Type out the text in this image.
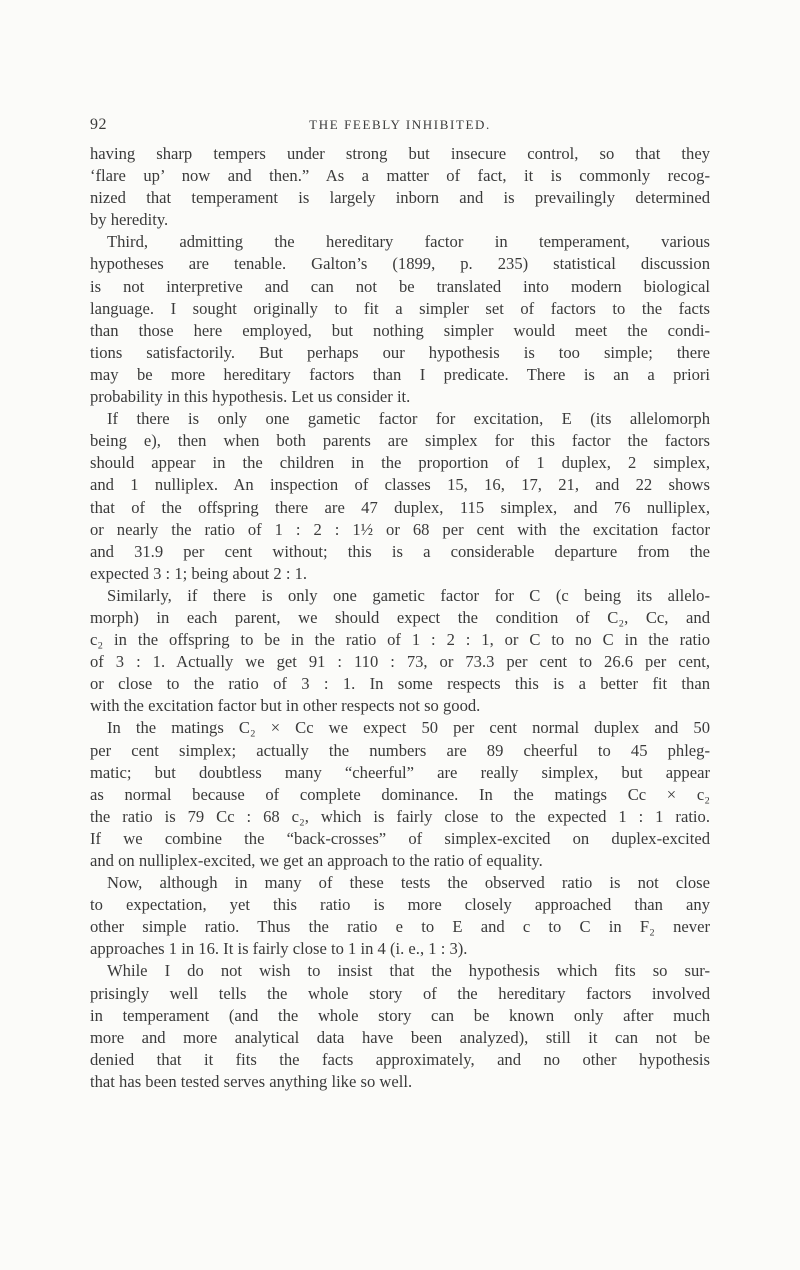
92	THE FEEBLY INHIBITED.
having sharp tempers under strong but insecure control, so that they
‘flare up’ now and then.” As a matter of fact, it is commonly recog-
nized that temperament is largely inborn and is prevailingly determined
by heredity.
Third, admitting the hereditary factor in temperament, various
hypotheses are tenable. Galton’s (1899, p. 235) statistical discussion
is not interpretive and can not be translated into modern biological
language. I sought originally to fit a simpler set of factors to the facts
than those here employed, but nothing simpler would meet the condi-
tions satisfactorily. But perhaps our hypothesis is too simple; there
may be more hereditary factors than I predicate. There is an a priori
probability in this hypothesis. Let us consider it.
If there is only one gametic factor for excitation, E (its allelomorph
being e), then when both parents are simplex for this factor the factors
should appear in the children in the proportion of 1 duplex, 2 simplex,
and 1 nulliplex. An inspection of classes 15, 16, 17, 21, and 22 shows
that of the offspring there are 47 duplex, 115 simplex, and 76 nulliplex,
or nearly the ratio of 1 : 2 : 1½ or 68 per cent with the excitation factor
and 31.9 per cent without; this is a considerable departure from the
expected 3 : 1; being about 2 : 1.
Similarly, if there is only one gametic factor for C (c being its allelo-
morph) in each parent, we should expect the condition of C₂, Cc, and
c₂ in the offspring to be in the ratio of 1 : 2 : 1, or C to no C in the ratio
of 3 : 1. Actually we get 91 : 110 : 73, or 73.3 per cent to 26.6 per cent,
or close to the ratio of 3 : 1. In some respects this is a better fit than
with the excitation factor but in other respects not so good.
In the matings C₂ × Cc we expect 50 per cent normal duplex and 50
per cent simplex; actually the numbers are 89 cheerful to 45 phleg-
matic; but doubtless many “cheerful” are really simplex, but appear
as normal because of complete dominance. In the matings Cc × c₂
the ratio is 79 Cc : 68 c₂, which is fairly close to the expected 1 : 1 ratio.
If we combine the “back-crosses” of simplex-excited on duplex-excited
and on nulliplex-excited, we get an approach to the ratio of equality.
Now, although in many of these tests the observed ratio is not close
to expectation, yet this ratio is more closely approached than any
other simple ratio. Thus the ratio e to E and c to C in F₂ never
approaches 1 in 16. It is fairly close to 1 in 4 (i. e., 1 : 3).
While I do not wish to insist that the hypothesis which fits so sur-
prisingly well tells the whole story of the hereditary factors involved
in temperament (and the whole story can be known only after much
more and more analytical data have been analyzed), still it can not be
denied that it fits the facts approximately, and no other hypothesis
that has been tested serves anything like so well.
